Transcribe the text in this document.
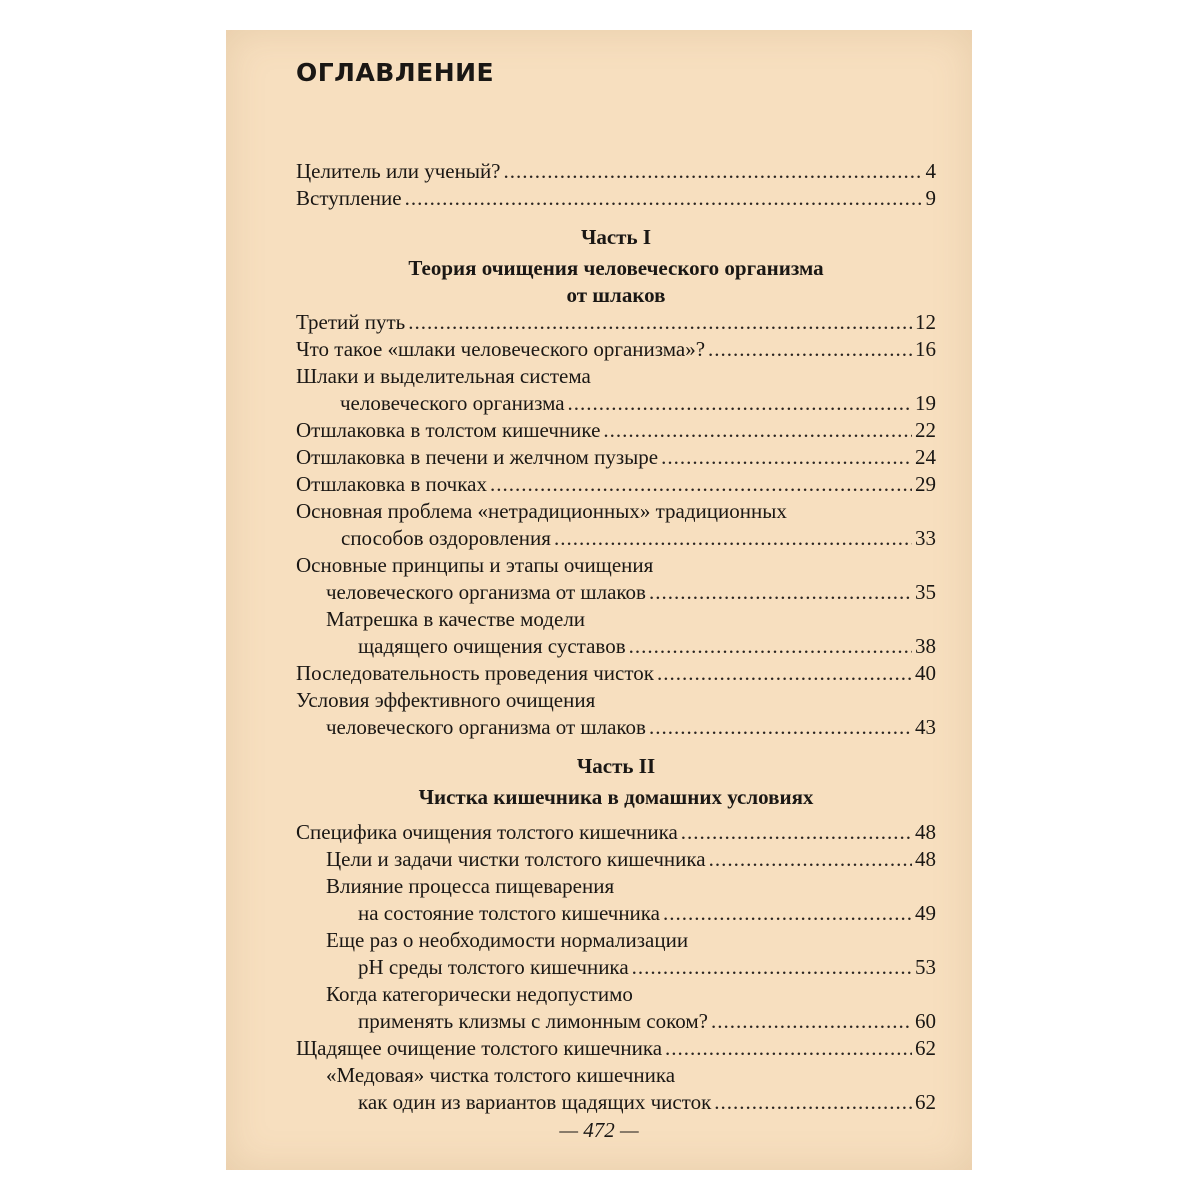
ОГЛАВЛЕНИЕ
Целитель или ученый? .....	4
Вступление .....	9
Часть I
Теория очищения человеческого организма
от шлаков
Третий путь .....	12
Что такое «шлаки человеческого организма»? .....	16
Шлаки и выделительная система
человеческого организма .....	19
Отшлаковка в толстом кишечнике .....	22
Отшлаковка в печени и желчном пузыре .....	24
Отшлаковка в почках .....	29
Основная проблема «нетрадиционных» традиционных
способов оздоровления .....	33
Основные принципы и этапы очищения
человеческого организма от шлаков .....	35
Матрешка в качестве модели
щадящего очищения суставов .....	38
Последовательность проведения чисток .....	40
Условия эффективного очищения
человеческого организма от шлаков .....	43
Часть II
Чистка кишечника в домашних условиях
Специфика очищения толстого кишечника .....	48
Цели и задачи чистки толстого кишечника .....	48
Влияние процесса пищеварения
на состояние толстого кишечника .....	49
Еще раз о необходимости нормализации
рН среды толстого кишечника .....	53
Когда категорически недопустимо
применять клизмы с лимонным соком? .....	60
Щадящее очищение толстого кишечника .....	62
«Медовая» чистка толстого кишечника
как один из вариантов щадящих чисток .....	62
— 472 —
